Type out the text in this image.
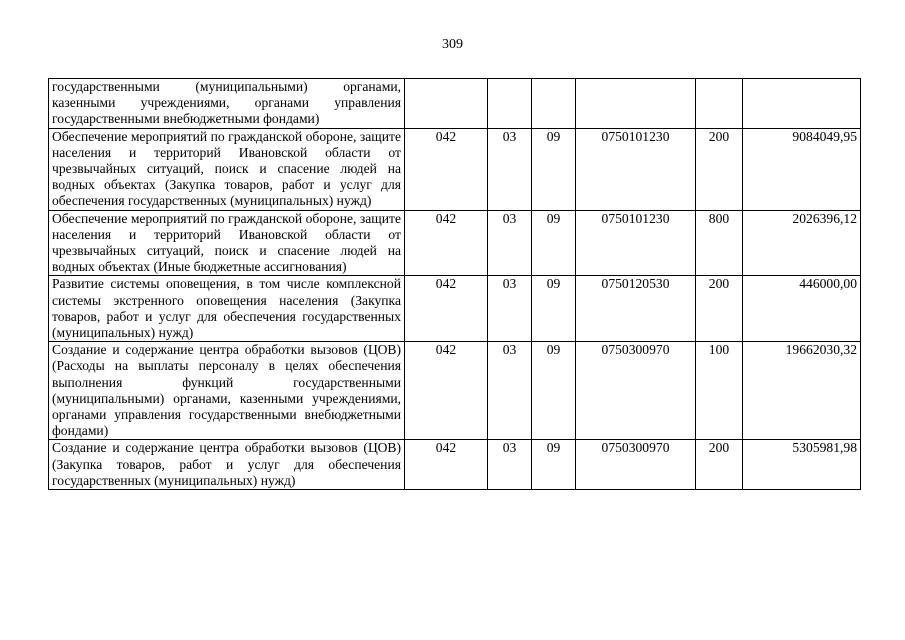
309
государственными (муниципальными) органами, казенными учреждениями, органами управления государственными внебюджетными фондами)						
Обеспечение мероприятий по гражданской обороне, защите населения и территорий Ивановской области от чрезвычайных ситуаций, поиск и спасение людей на водных объектах (Закупка товаров, работ и услуг для обеспечения государственных (муниципальных) нужд)	042	03	09	0750101230	200	9084049,95
Обеспечение мероприятий по гражданской обороне, защите населения и территорий Ивановской области от чрезвычайных ситуаций, поиск и спасение людей на водных объектах (Иные бюджетные ассигнования)	042	03	09	0750101230	800	2026396,12
Развитие системы оповещения, в том числе комплексной системы экстренного оповещения населения (Закупка товаров, работ и услуг для обеспечения государственных (муниципальных) нужд)	042	03	09	0750120530	200	446000,00
Создание и содержание центра обработки вызовов (ЦОВ) (Расходы на выплаты персоналу в целях обеспечения выполнения функций государственными (муниципальными) органами, казенными учреждениями, органами управления государственными внебюджетными фондами)	042	03	09	0750300970	100	19662030,32
Создание и содержание центра обработки вызовов (ЦОВ) (Закупка товаров, работ и услуг для обеспечения государственных (муниципальных) нужд)	042	03	09	0750300970	200	5305981,98
